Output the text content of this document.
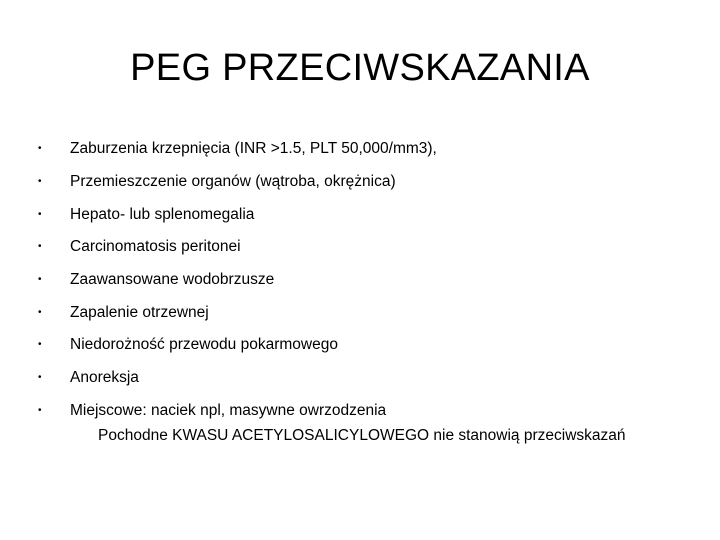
PEG PRZECIWSKAZANIA
•	Zaburzenia krzepnięcia (INR >1.5, PLT 50,000/mm3),
•	Przemieszczenie organów (wątroba, okrężnica)
•	Hepato- lub splenomegalia
•	Carcinomatosis peritonei
•	Zaawansowane wodobrzusze
•	Zapalenie otrzewnej
•	Niedorożność przewodu pokarmowego
•	Anoreksja
•	Miejscowe: naciek npl, masywne owrzodzenia
Pochodne KWASU ACETYLOSALICYLOWEGO nie stanowią przeciwskazań
